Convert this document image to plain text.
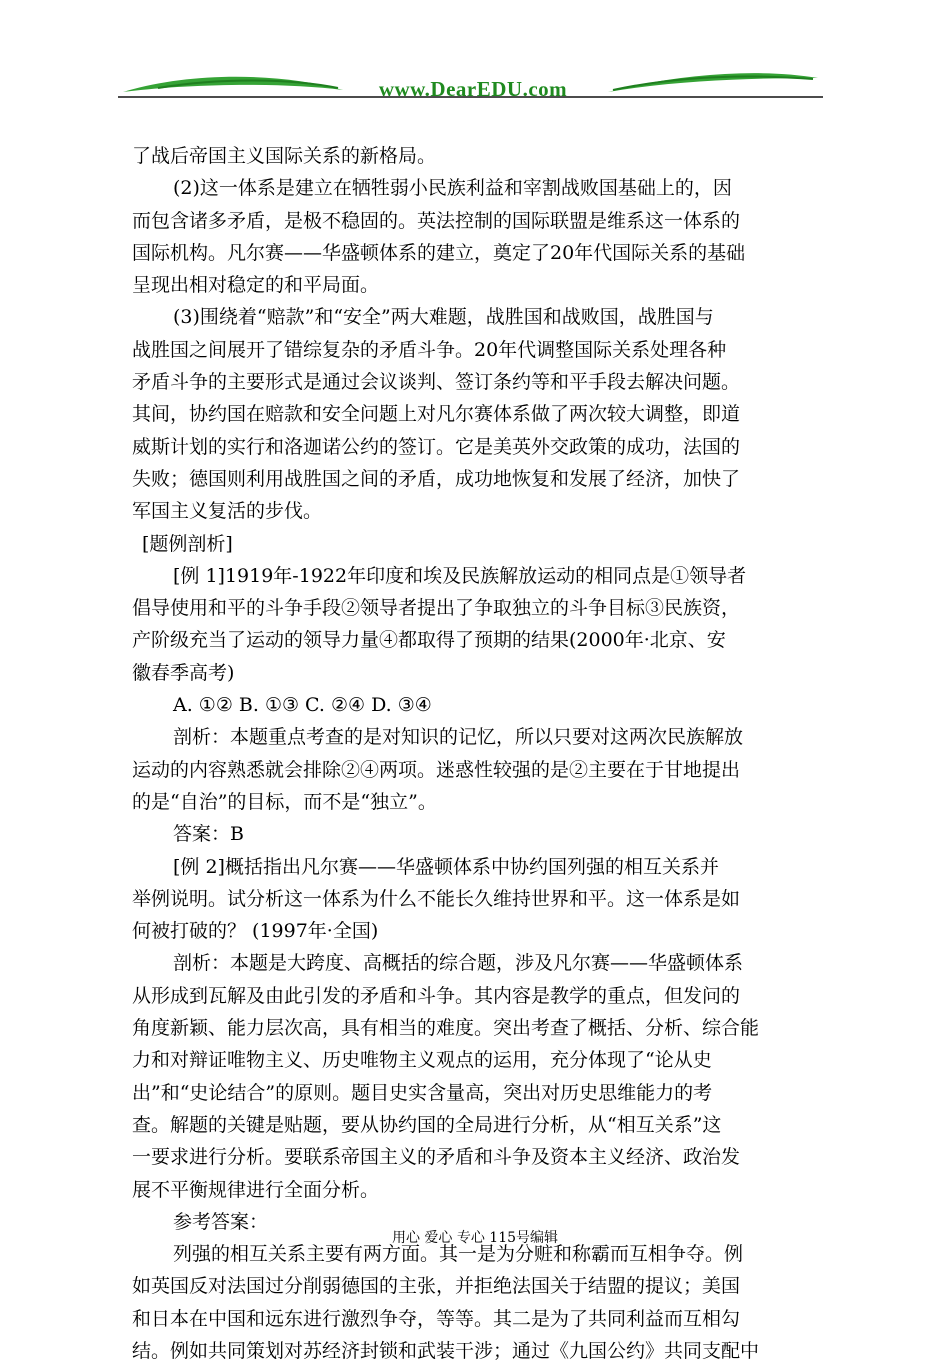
www.DearEDU.com
了战后帝国主义国际关系的新格局。
(2)这一体系是建立在牺牲弱小民族利益和宰割战败国基础上的，因
而包含诸多矛盾，是极不稳固的。英法控制的国际联盟是维系这一体系的
国际机构。凡尔赛——华盛顿体系的建立，奠定了20年代国际关系的基础
呈现出相对稳定的和平局面。
(3)围绕着“赔款”和“安全”两大难题，战胜国和战败国，战胜国与
战胜国之间展开了错综复杂的矛盾斗争。20年代调整国际关系处理各种
矛盾斗争的主要形式是通过会议谈判、签订条约等和平手段去解决问题。
其间，协约国在赔款和安全问题上对凡尔赛体系做了两次较大调整，即道
威斯计划的实行和洛迦诺公约的签订。它是美英外交政策的成功，法国的
失败；德国则利用战胜国之间的矛盾，成功地恢复和发展了经济，加快了
军国主义复活的步伐。
[题例剖析]
[例 1]1919年-1922年印度和埃及民族解放运动的相同点是①领导者
倡导使用和平的斗争手段②领导者提出了争取独立的斗争目标③民族资，
产阶级充当了运动的领导力量④都取得了预期的结果(2000年·北京、安
徽春季高考)
A. ①② B. ①③ C. ②④ D. ③④
剖析：本题重点考查的是对知识的记忆，所以只要对这两次民族解放
运动的内容熟悉就会排除②④两项。迷惑性较强的是②主要在于甘地提出
的是“自治”的目标，而不是“独立”。
答案：B
[例 2]概括指出凡尔赛——华盛顿体系中协约国列强的相互关系并
举例说明。试分析这一体系为什么不能长久维持世界和平。这一体系是如
何被打破的？ (1997年·全国)
剖析：本题是大跨度、高概括的综合题，涉及凡尔赛——华盛顿体系
从形成到瓦解及由此引发的矛盾和斗争。其内容是教学的重点，但发问的
角度新颖、能力层次高，具有相当的难度。突出考查了概括、分析、综合能
力和对辩证唯物主义、历史唯物主义观点的运用，充分体现了“论从史
出”和“史论结合”的原则。题目史实含量高，突出对历史思维能力的考
查。解题的关键是贴题，要从协约国的全局进行分析，从“相互关系”这
一要求进行分析。要联系帝国主义的矛盾和斗争及资本主义经济、政治发
展不平衡规律进行全面分析。
参考答案：
列强的相互关系主要有两方面。其一是为分赃和称霸而互相争夺。例
如英国反对法国过分削弱德国的主张，并拒绝法国关于结盟的提议；美国
和日本在中国和远东进行激烈争夺，等等。其二是为了共同利益而互相勾
结。例如共同策划对苏经济封锁和武装干涉；通过《九国公约》共同支配中
用心 爱心 专心 115号编辑
